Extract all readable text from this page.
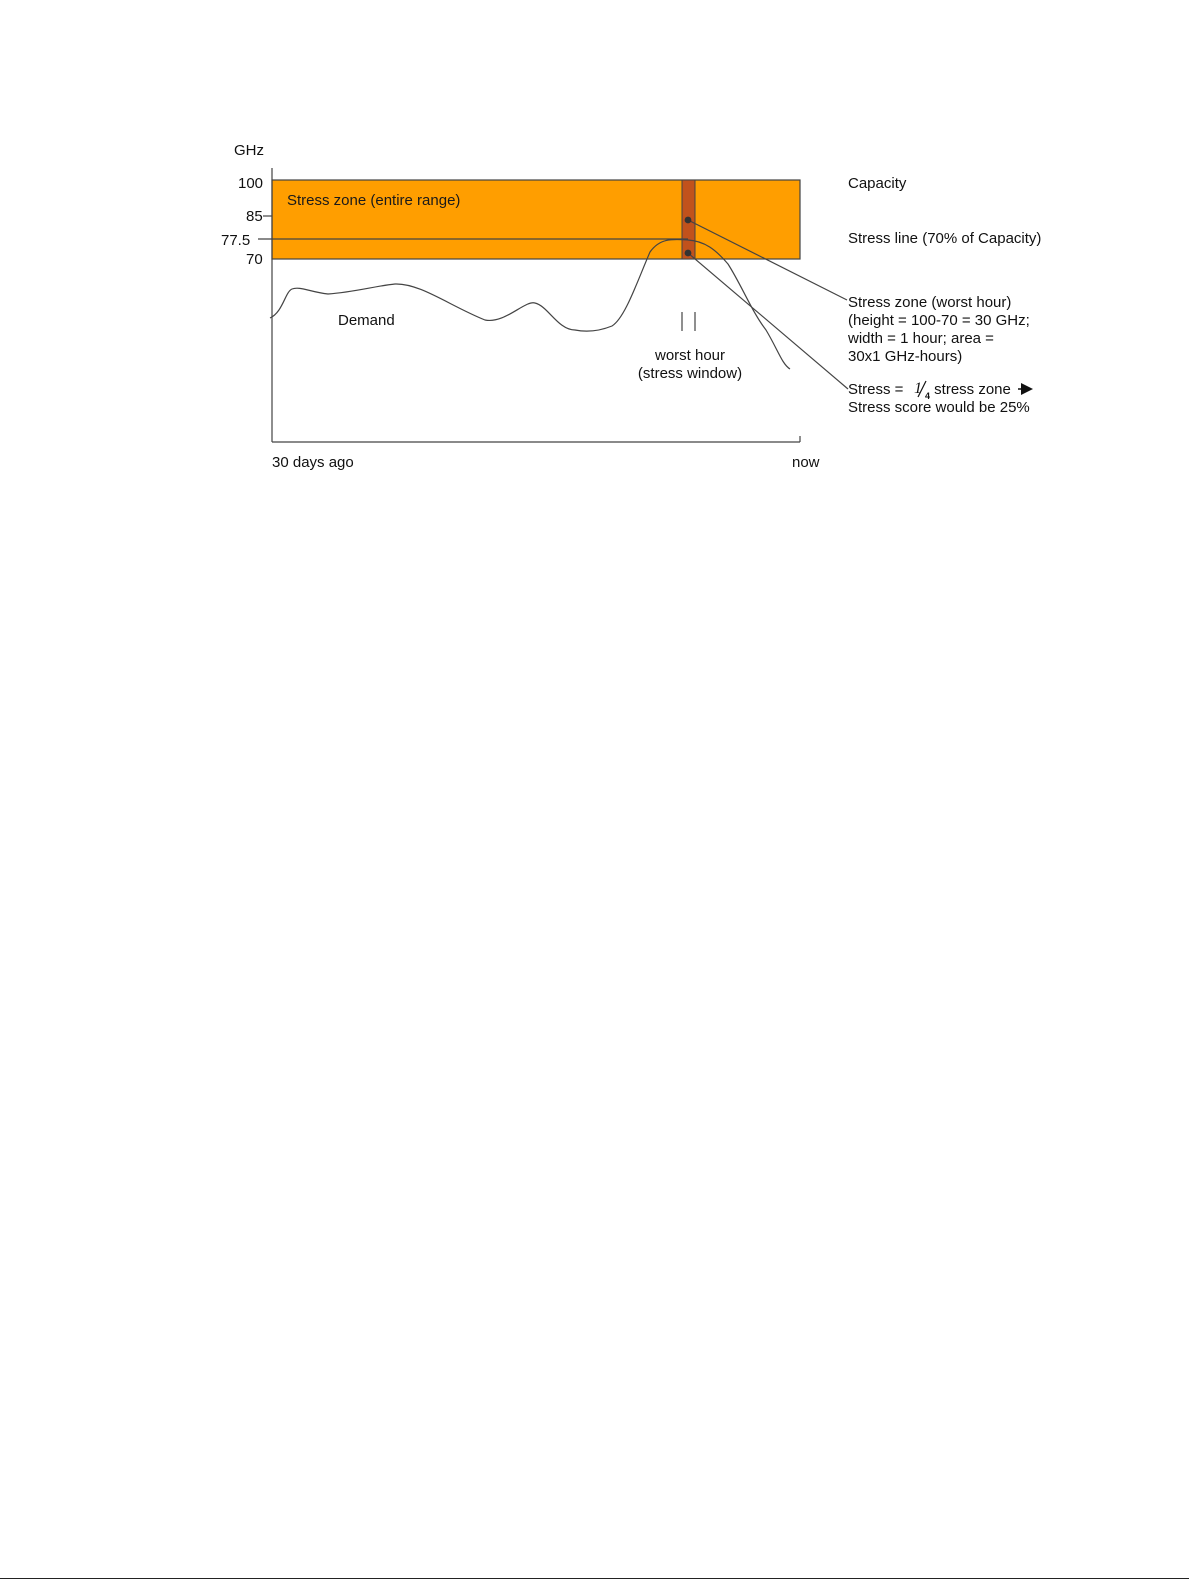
GHz
100
85
77.5
70
30 days ago	now
Stress zone (entire range)
Demand
worst hour
(stress window)
Capacity
Stress line (70% of Capacity)
Stress zone (worst hour)
(height = 100-70 = 30 GHz;
width = 1 hour; area =
30x1 GHz-hours)
Stress = 1 4 stress zone
Stress score would be 25%
